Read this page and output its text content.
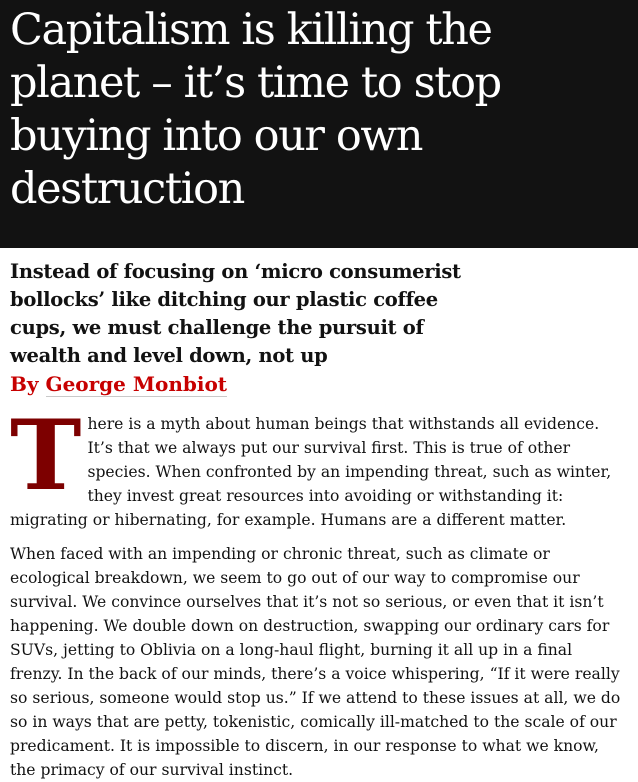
Capitalism is killing the planet – it’s time to stop buying into our own destruction
Instead of focusing on ‘micro consumerist bollocks’ like ditching our plastic coffee cups, we must challenge the pursuit of wealth and level down, not up
By George Monbiot

There is a myth about human beings that withstands all evidence. It’s that we always put our survival first. This is true of other species. When confronted by an impending threat, such as winter, they invest great resources into avoiding or withstanding it: migrating or hibernating, for example. Humans are a different matter.

When faced with an impending or chronic threat, such as climate or ecological breakdown, we seem to go out of our way to compromise our survival. We convince ourselves that it’s not so serious, or even that it isn’t happening. We double down on destruction, swapping our ordinary cars for SUVs, jetting to Oblivia on a long-haul flight, burning it all up in a final frenzy. In the back of our minds, there’s a voice whispering, “If it were really so serious, someone would stop us.” If we attend to these issues at all, we do so in ways that are petty, tokenistic, comically ill-matched to the scale of our predicament. It is impossible to discern, in our response to what we know, the primacy of our survival instinct.
